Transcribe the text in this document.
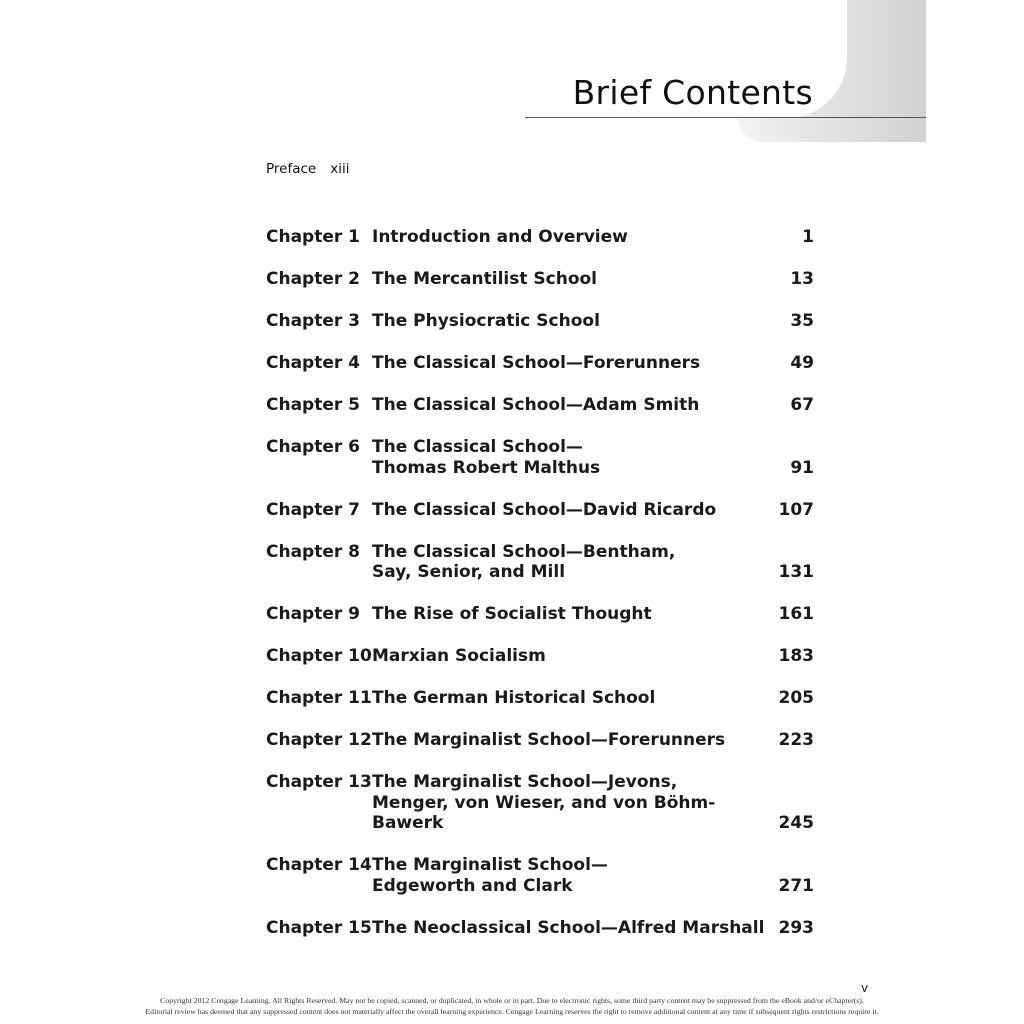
Brief Contents
Preface xiii
Chapter 1 Introduction and Overview	1
Chapter 2 The Mercantilist School	13
Chapter 3 The Physiocratic School	35
Chapter 4 The Classical School—Forerunners	49
Chapter 5 The Classical School—Adam Smith	67
Chapter 6 The Classical School—Thomas Robert Malthus	91
Chapter 7 The Classical School—David Ricardo	107
Chapter 8 The Classical School—Bentham, Say, Senior, and Mill	131
Chapter 9 The Rise of Socialist Thought	161
Chapter 10 Marxian Socialism	183
Chapter 11 The German Historical School	205
Chapter 12 The Marginalist School—Forerunners	223
Chapter 13 The Marginalist School—Jevons, Menger, von Wieser, and von Böhm-Bawerk	245
Chapter 14 The Marginalist School—Edgeworth and Clark	271
Chapter 15 The Neoclassical School—Alfred Marshall 293
v
Copyright 2012 Cengage Learning. All Rights Reserved. May not be copied, scanned, or duplicated, in whole or in part. Due to electronic rights, some third party content may be suppressed from the eBook and/or eChapter(s).
Editorial review has deemed that any suppressed content does not materially affect the overall learning experience. Cengage Learning reserves the right to remove additional content at any time if subsequent rights restrictions require it.
